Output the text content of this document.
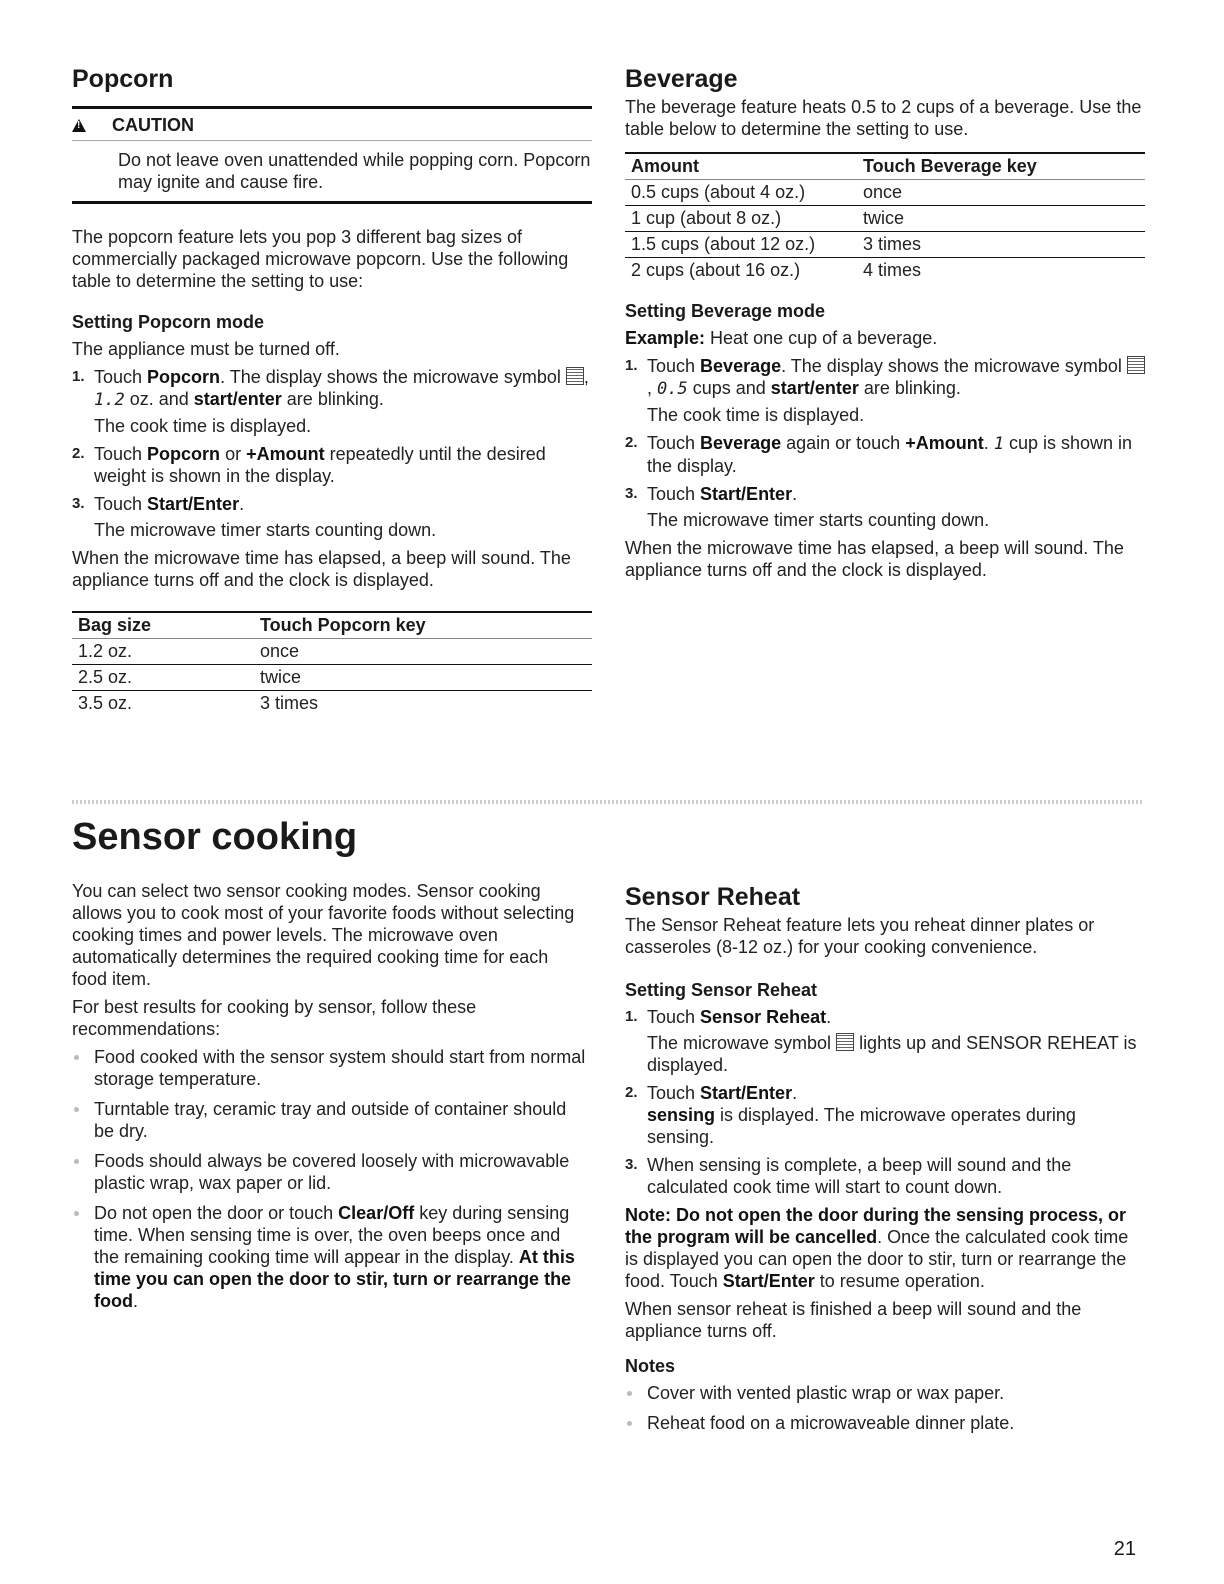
Popcorn
!
CAUTION

Do not leave oven unattended while popping corn. Popcorn may ignite and cause fire.

The popcorn feature lets you pop 3 different bag sizes of commercially packaged microwave popcorn. Use the following table to determine the setting to use:

Setting Popcorn mode

The appliance must be turned off.

1. Touch Popcorn. The display shows the microwave symbol , 1.2 oz. and start/enter are blinking.
The cook time is displayed.
2. Touch Popcorn or +Amount repeatedly until the desired weight is shown in the display.
3. Touch Start/Enter.
The microwave timer starts counting down.

When the microwave time has elapsed, a beep will sound. The appliance turns off and the clock is displayed.

Bag size	Touch Popcorn key
1.2 oz.	once
2.5 oz.	twice
3.5 oz.	3 times
Beverage

The beverage feature heats 0.5 to 2 cups of a beverage. Use the table below to determine the setting to use.

Amount	Touch Beverage key
0.5 cups (about 4 oz.)	once
1 cup (about 8 oz.)	twice
1.5 cups (about 12 oz.)	3 times
2 cups (about 16 oz.)	4 times
Setting Beverage mode

Example: Heat one cup of a beverage.

1. Touch Beverage. The display shows the microwave symbol , 0.5 cups and start/enter are blinking.
The cook time is displayed.
2. Touch Beverage again or touch +Amount. 1 cup is shown in the display.
3. Touch Start/Enter.
The microwave timer starts counting down.

When the microwave time has elapsed, a beep will sound. The appliance turns off and the clock is displayed.

Sensor cooking

You can select two sensor cooking modes. Sensor cooking allows you to cook most of your favorite foods without selecting cooking times and power levels. The microwave oven automatically determines the required cooking time for each food item.

For best results for cooking by sensor, follow these recommendations:

Food cooked with the sensor system should start from normal storage temperature.
Turntable tray, ceramic tray and outside of container should be dry.
Foods should always be covered loosely with microwavable plastic wrap, wax paper or lid.
Do not open the door or touch Clear/Off key during sensing time. When sensing time is over, the oven beeps once and the remaining cooking time will appear in the display. At this time you can open the door to stir, turn or rearrange the food.
Sensor Reheat

The Sensor Reheat feature lets you reheat dinner plates or casseroles (8-12 oz.) for your cooking convenience.

Setting Sensor Reheat
1. Touch Sensor Reheat.
The microwave symbol  lights up and SENSOR REHEAT is displayed.
2. Touch Start/Enter.
sensing is displayed. The microwave operates during sensing.
3. When sensing is complete, a beep will sound and the calculated cook time will start to count down.

Note: Do not open the door during the sensing process, or the program will be cancelled. Once the calculated cook time is displayed you can open the door to stir, turn or rearrange the food. Touch Start/Enter to resume operation.

When sensor reheat is finished a beep will sound and the appliance turns off.

Notes
Cover with vented plastic wrap or wax paper.
Reheat food on a microwaveable dinner plate.
21
